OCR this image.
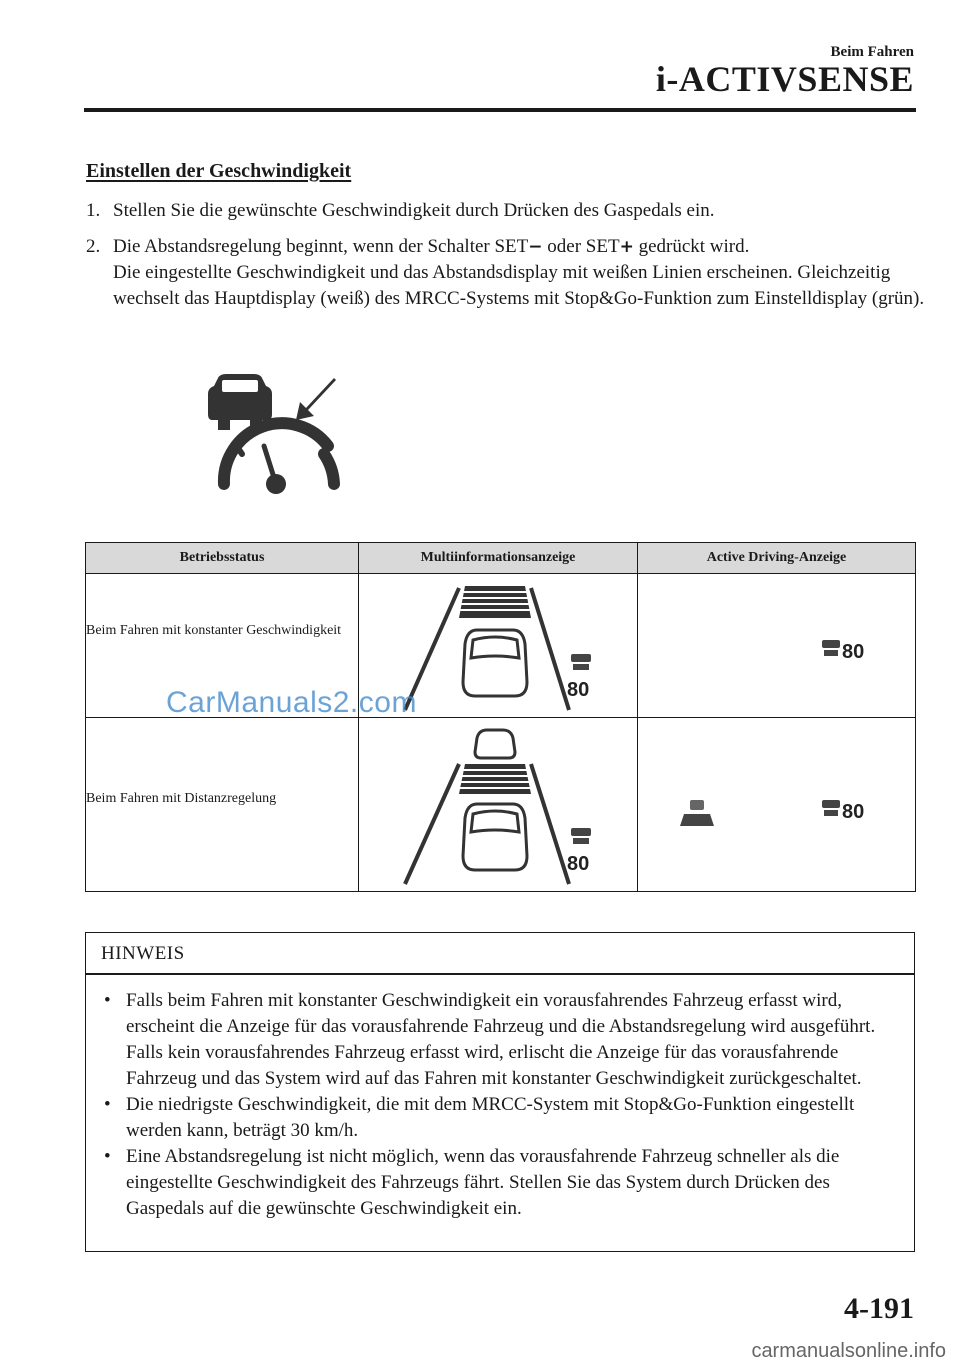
Beim Fahren
i-ACTIVSENSE
Einstellen der Geschwindigkeit
1. Stellen Sie die gewünschte Geschwindigkeit durch Drücken des Gaspedals ein.
2. Die Abstandsregelung beginnt, wenn der Schalter SET− oder SET+ gedrückt wird.
Die eingestellte Geschwindigkeit und das Abstandsdisplay mit weißen Linien erscheinen. Gleichzeitig wechselt das Hauptdisplay (weiß) des MRCC-Systems mit Stop&Go-Funktion zum Einstelldisplay (grün).
Betriebsstatus	Multiinformationsanzeige	Active Driving-Anzeige

Beim Fahren mit konstanter Geschwindigkeit	80	80

Beim Fahren mit Distanzregelung	80	80
CarManuals2.com
HINWEIS
• Falls beim Fahren mit konstanter Geschwindigkeit ein vorausfahrendes Fahrzeug erfasst wird, erscheint die Anzeige für das vorausfahrende Fahrzeug und die Abstandsregelung wird ausgeführt. Falls kein vorausfahrendes Fahrzeug erfasst wird, erlischt die Anzeige für das vorausfahrende Fahrzeug und das System wird auf das Fahren mit konstanter Geschwindigkeit zurückgeschaltet.
• Die niedrigste Geschwindigkeit, die mit dem MRCC-System mit Stop&Go-Funktion eingestellt werden kann, beträgt 30 km/h.
• Eine Abstandsregelung ist nicht möglich, wenn das vorausfahrende Fahrzeug schneller als die eingestellte Geschwindigkeit des Fahrzeugs fährt. Stellen Sie das System durch Drücken des Gaspedals auf die gewünschte Geschwindigkeit ein.
4-191
carmanualsonline.info
